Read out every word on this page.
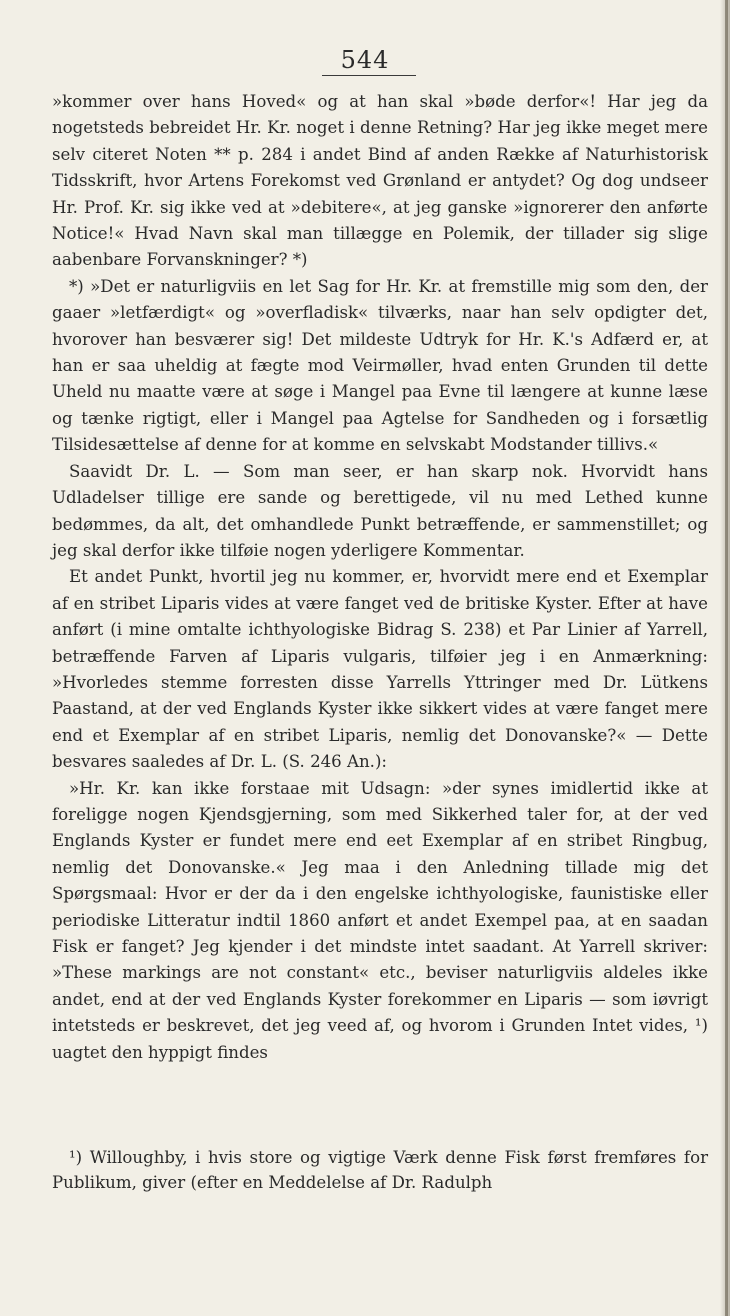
544

»kommer over hans Hoved« og at han skal »bøde derfor«! Har jeg da nogetsteds bebreidet Hr. Kr. noget i denne Retning? Har jeg ikke meget mere selv citeret Noten ** p. 284 i andet Bind af anden Række af Naturhistorisk Tidsskrift, hvor Artens Forekomst ved Grønland er antydet? Og dog undseer Hr. Prof. Kr. sig ikke ved at »debitere«, at jeg ganske »ignorerer den anførte Notice!« Hvad Navn skal man tillægge en Polemik, der tillader sig slige aabenbare Forvanskninger? *)

*) »Det er naturligviis en let Sag for Hr. Kr. at fremstille mig som den, der gaaer »letfærdigt« og »overfladisk« tilværks, naar han selv opdigter det, hvorover han besværer sig! Det mildeste Udtryk for Hr. K.'s Adfærd er, at han er saa uheldig at fægte mod Veirmøller, hvad enten Grunden til dette Uheld nu maatte være at søge i Mangel paa Evne til længere at kunne læse og tænke rigtigt, eller i Mangel paa Agtelse for Sandheden og i forsætlig Tilsidesættelse af denne for at komme en selvskabt Modstander tillivs.«

Saavidt Dr. L. — Som man seer, er han skarp nok. Hvorvidt hans Udladelser tillige ere sande og berettigede, vil nu med Lethed kunne bedømmes, da alt, det omhandlede Punkt betræffende, er sammenstillet; og jeg skal derfor ikke tilføie nogen yderligere Kommentar.

Et andet Punkt, hvortil jeg nu kommer, er, hvorvidt mere end et Exemplar af en stribet Liparis vides at være fanget ved de britiske Kyster. Efter at have anført (i mine omtalte ichthyologiske Bidrag S. 238) et Par Linier af Yarrell, betræffende Farven af Liparis vulgaris, tilføier jeg i en Anmærkning: »Hvorledes stemme forresten disse Yarrells Yttringer med Dr. Lütkens Paastand, at der ved Englands Kyster ikke sikkert vides at være fanget mere end et Exemplar af en stribet Liparis, nemlig det Donovanske?« — Dette besvares saaledes af Dr. L. (S. 246 An.):

»Hr. Kr. kan ikke forstaae mit Udsagn: »der synes imidlertid ikke at foreligge nogen Kjendsgjerning, som med Sikkerhed taler for, at der ved Englands Kyster er fundet mere end eet Exemplar af en stribet Ringbug, nemlig det Donovanske.« Jeg maa i den Anledning tillade mig det Spørgsmaal: Hvor er der da i den engelske ichthyologiske, faunistiske eller periodiske Litteratur indtil 1860 anført et andet Exempel paa, at en saadan Fisk er fanget? Jeg kjender i det mindste intet saadant. At Yarrell skriver: »These markings are not constant« etc., beviser naturligviis aldeles ikke andet, end at der ved Englands Kyster forekommer en Liparis — som iøvrigt intetsteds er beskrevet, det jeg veed af, og hvorom i Grunden Intet vides, ¹) uagtet den hyppigt findes

¹) Willoughby, i hvis store og vigtige Værk denne Fisk først fremføres for Publikum, giver (efter en Meddelelse af Dr. Radulph
